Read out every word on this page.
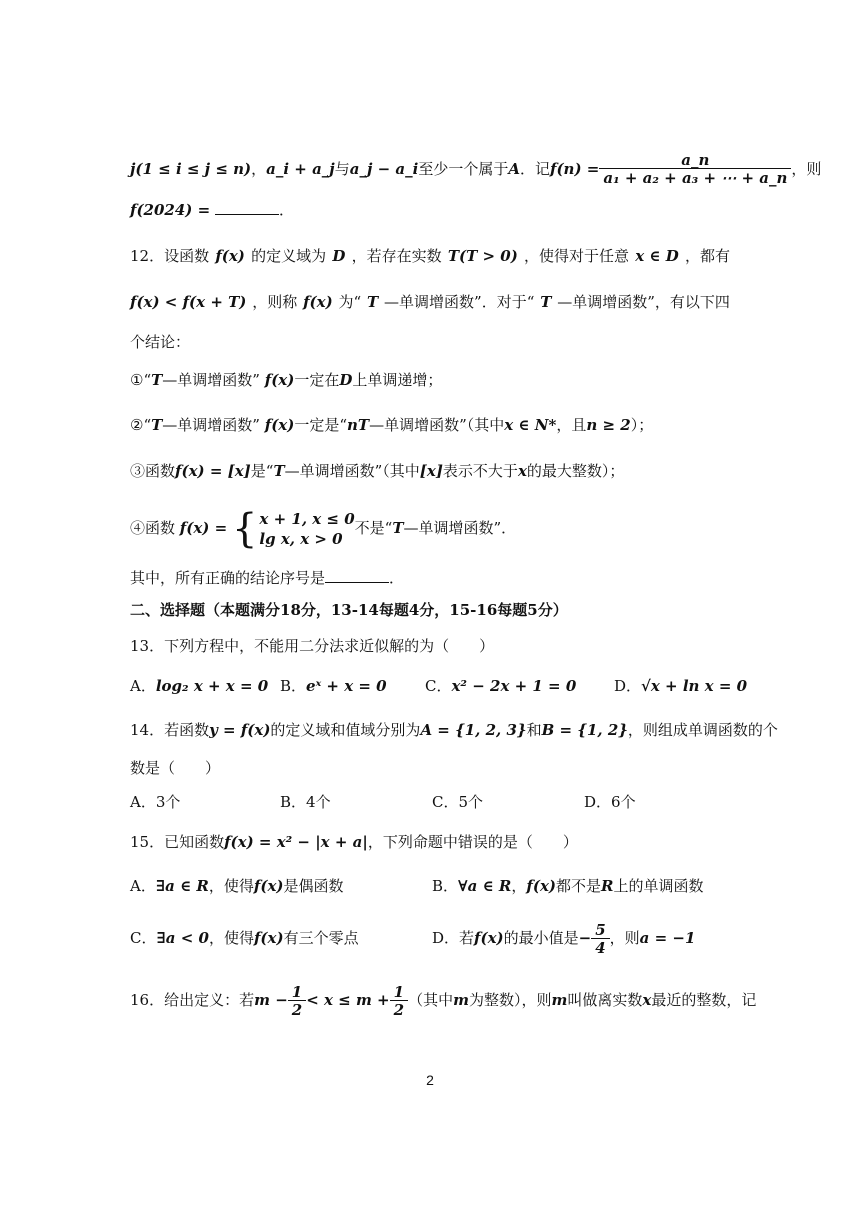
j(1 ≤ i ≤ j ≤ n) ， a_i + a_j 与 a_j − a_i 至少一个属于 A ．记 $f(n) = \frac{a\_n}{\text{a₁ + a₂ + a₃ + ⋯ + a\_n}}$ ，则
f(2024) =	．
12．设函数 f(x) 的定义域为 D ，若存在实数 T(T > 0) ，使得对于任意 x ∈ D ，都有
f(x) < f(x + T) ，则称 f(x) 为“ T —单调增函数”．对于“ T —单调增函数”，有以下四
个结论：
①“T—单调增函数” f(x)一定在D上单调递增；
②“T—单调增函数” f(x)一定是“nT—单调增函数”（其中x ∈ N*，且n ≥ 2）；
③函数f(x) = [x]是“T—单调增函数”（其中[x]表示不大于x的最大整数）；
④函数 f(x) = { x + 1, x ≤ 0
lg x, x > 0
不是“T—单调增函数”．
其中，所有正确的结论序号是	．
二、选择题（本题满分18分，13-14每题4分，15-16每题5分）
13．下列方程中，不能用二分法求近似解的为（　　）
A．log₂ x + x = 0 B．eˣ + x = 0	C．x² − 2x + 1 = 0	D．√x + ln x = 0
14．若函数 y = f(x) 的定义域和值域分别为 A = {1, 2, 3} 和 B = {1, 2} ，则组成单调函数的个
数是（　　）
A．3个	B．4个	C．5个	D．6个
15．已知函数f(x) = x² − |x + a|，下列命题中错误的是（　　）
A．∃a ∈ R，使得f(x)是偶函数	B．∀a ∈ R，f(x)都不是R上的单调函数
C．∃a < 0，使得f(x)有三个零点	D．若f(x)的最小值是− $\frac{5}{4}$ ，则a = −1
16．给出定义：若$m - \frac{1}{2} < x \le m + \frac{1}{2}$ （其中m为整数），则m叫做离实数x最近的整数，记
2
